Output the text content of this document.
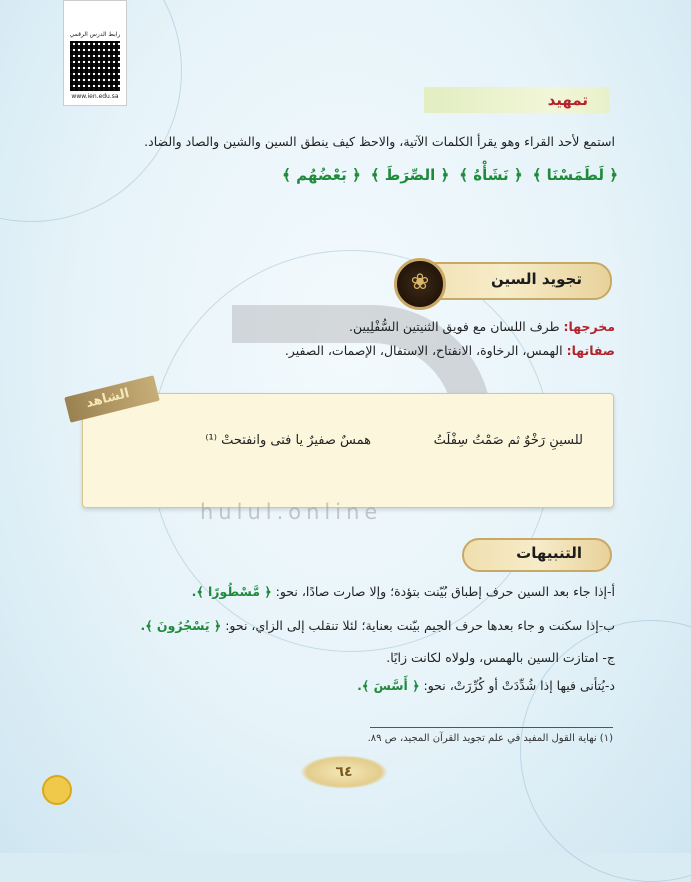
رابط الدرس الرقمي
www.ien.edu.sa	تمهيد
استمع لأحد القراء وهو يقرأ الكلمات الآتية، والاحظ كيف ينطق السين والشين والصاد والضاد.
﴿ لَطَمَسْنَا ﴾
﴿ نَشَأْهُ ﴾
﴿ الصِّرَطَ ﴾
﴿ بَعْضُهُم ﴾
تجويد السين
❀
مخرجها: طرف اللسان مع فويق الثنيتين السُّفْلِيين.
صفاتها: الهمس، الرخاوة، الانفتاح، الاستفال، الإصمات، الصفير.
الشاهد
للسينِ رَخْوٌ ثم صَمْتُ سِفْلَتُ
همسٌ صفيرٌ يا فتى وانفتحتْ ⁽¹⁾
hulul.online
التنبيهات
أ-إذا جاء بعد السين حرف إطباق بُيّنت بتؤدة؛ وإلا صارت صادًا، نحو: ﴿ مَّسْطُورًا ﴾.
ب-إذا سكنت و جاء بعدها حرف الجيم بيّنت بعناية؛ لئلا تنقلب إلى الزاي، نحو: ﴿ يَسْجُرُونَ ﴾.
ج- امتازت السين بالهمس، ولولاه لكانت زايًا.
د-يُتأنى فيها إذا شُدِّدَتْ أو كُرِّرَتْ، نحو: ﴿ أَسَّسَ ﴾.
(١) نهاية القول المفيد في علم تجويد القرآن المجيد، ص ٨٩.
٦٤
